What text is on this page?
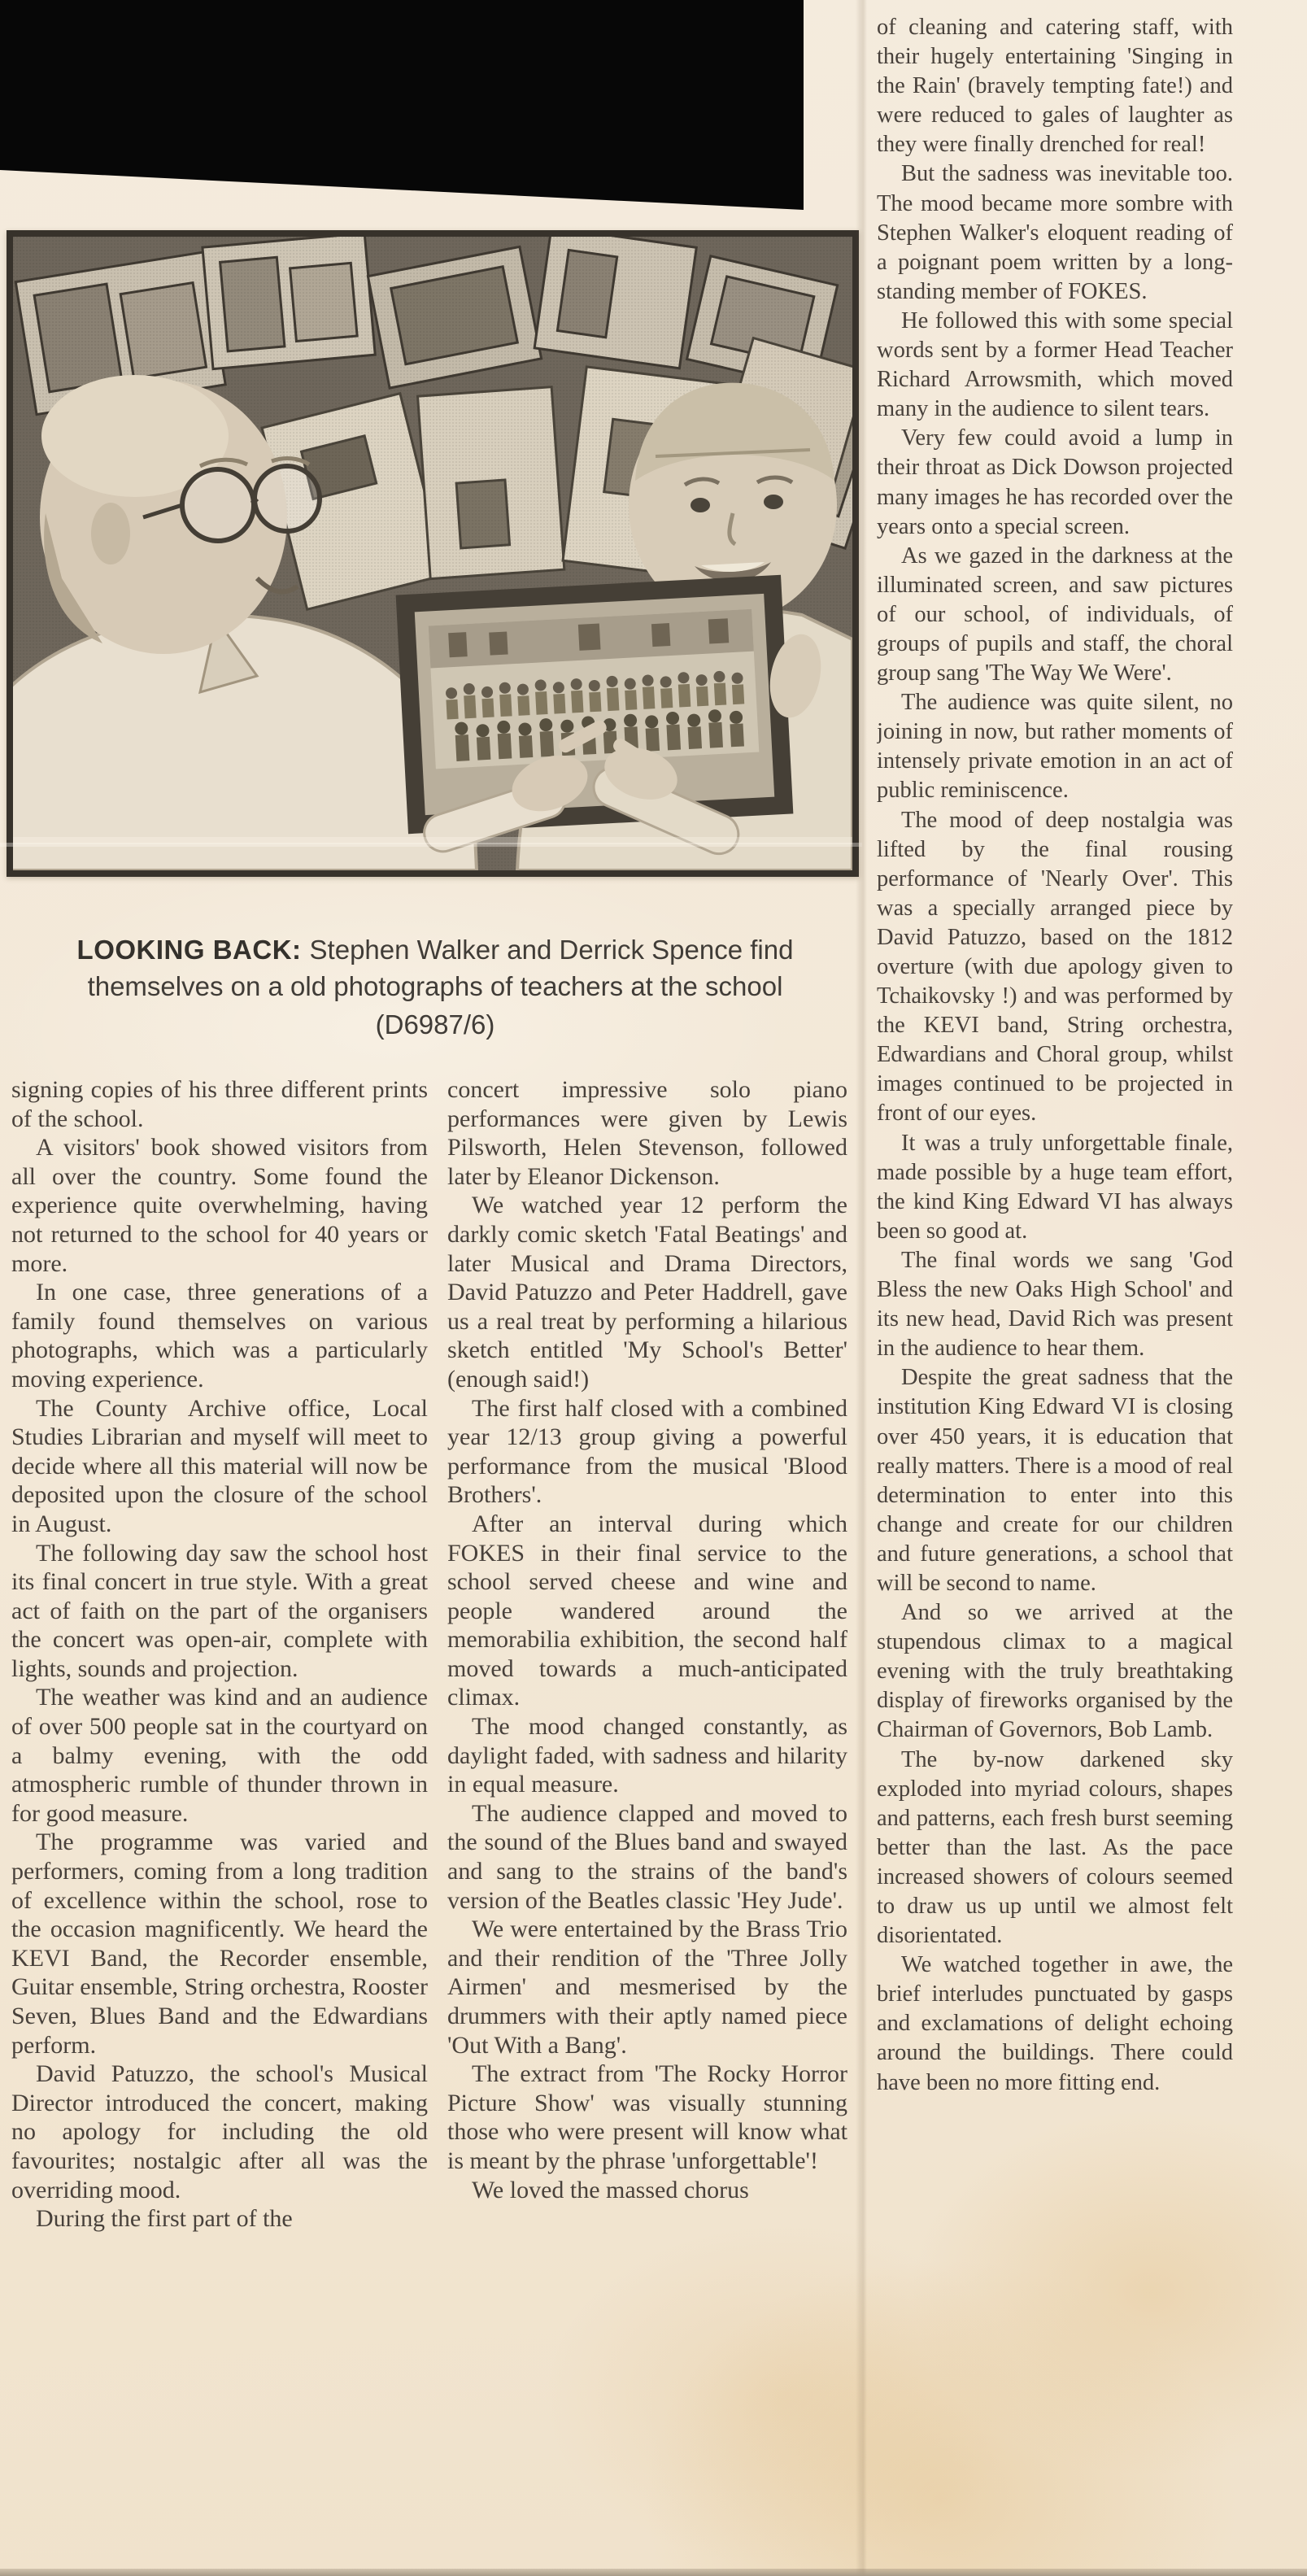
LOOKING BACK: Stephen Walker and Derrick Spence find themselves on a old photographs of teachers at the school
(D6987/6)

signing copies of his three different prints of the school.

A visitors' book showed visitors from all over the country. Some found the experience quite overwhelming, having not returned to the school for 40 years or more.

In one case, three generations of a family found themselves on various photographs, which was a particularly moving experience.

The County Archive office, Local Studies Librarian and myself will meet to decide where all this material will now be deposited upon the closure of the school in August.

The following day saw the school host its final concert in true style. With a great act of faith on the part of the organisers the concert was open-air, complete with lights, sounds and projection.

The weather was kind and an audience of over 500 people sat in the courtyard on a balmy evening, with the odd atmospheric rumble of thunder thrown in for good measure.

The programme was varied and performers, coming from a long tradition of excellence within the school, rose to the occasion magnificently. We heard the KEVI Band, the Recorder ensemble, Guitar ensemble, String orchestra, Rooster Seven, Blues Band and the Edwardians perform.

David Patuzzo, the school's Musical Director introduced the concert, making no apology for including the old favourites; nostalgic after all was the overriding mood.

During the first part of the

concert impressive solo piano performances were given by Lewis Pilsworth, Helen Stevenson, followed later by Eleanor Dickenson.

We watched year 12 perform the darkly comic sketch 'Fatal Beatings' and later Musical and Drama Directors, David Patuzzo and Peter Haddrell, gave us a real treat by performing a hilarious sketch entitled 'My School's Better' (enough said!)

The first half closed with a combined year 12/13 group giving a powerful performance from the musical 'Blood Brothers'.

After an interval during which FOKES in their final service to the school served cheese and wine and people wandered around the memorabilia exhibition, the second half moved towards a much-anticipated climax.

The mood changed constantly, as daylight faded, with sadness and hilarity in equal measure.

The audience clapped and moved to the sound of the Blues band and swayed and sang to the strains of the band's version of the Beatles classic 'Hey Jude'.

We were entertained by the Brass Trio and their rendition of the 'Three Jolly Airmen' and mesmerised by the drummers with their aptly named piece 'Out With a Bang'.

The extract from 'The Rocky Horror Picture Show' was visually stunning those who were present will know what is meant by the phrase 'unforgettable'!

We loved the massed chorus

of cleaning and catering staff, with their hugely entertaining 'Singing in the Rain' (bravely tempting fate!) and were reduced to gales of laughter as they were finally drenched for real!

But the sadness was inevitable too. The mood became more sombre with Stephen Walker's eloquent reading of a poignant poem written by a long-standing member of FOKES.

He followed this with some special words sent by a former Head Teacher Richard Arrowsmith, which moved many in the audience to silent tears.

Very few could avoid a lump in their throat as Dick Dowson projected many images he has recorded over the years onto a special screen.

As we gazed in the darkness at the illuminated screen, and saw pictures of our school, of individuals, of groups of pupils and staff, the choral group sang 'The Way We Were'.

The audience was quite silent, no joining in now, but rather moments of intensely private emotion in an act of public reminiscence.

The mood of deep nostalgia was lifted by the final rousing performance of 'Nearly Over'. This was a specially arranged piece by David Patuzzo, based on the 1812 overture (with due apology given to Tchaikovsky !) and was performed by the KEVI band, String orchestra, Edwardians and Choral group, whilst images continued to be projected in front of our eyes.

It was a truly unforgettable finale, made possible by a huge team effort, the kind King Edward VI has always been so good at.

The final words we sang 'God Bless the new Oaks High School' and its new head, David Rich was present in the audience to hear them.

Despite the great sadness that the institution King Edward VI is closing over 450 years, it is education that really matters. There is a mood of real determination to enter into this change and create for our children and future generations, a school that will be second to name.

And so we arrived at the stupendous climax to a magical evening with the truly breathtaking display of fireworks organised by the Chairman of Governors, Bob Lamb.

The by-now darkened sky exploded into myriad colours, shapes and patterns, each fresh burst seeming better than the last. As the pace increased showers of colours seemed to draw us up until we almost felt disorientated.

We watched together in awe, the brief interludes punctuated by gasps and exclamations of delight echoing around the buildings. There could have been no more fitting end.
